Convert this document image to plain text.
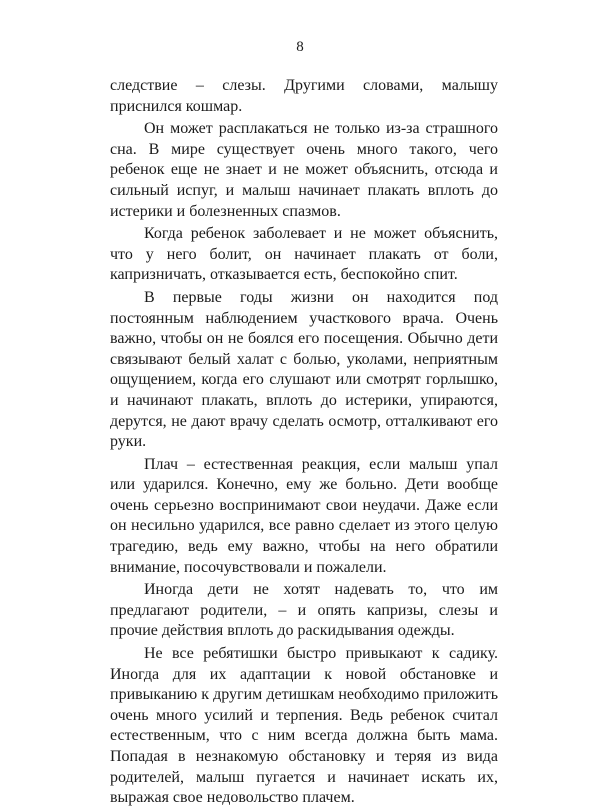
8

следствие – слезы. Другими словами, малышу приснился кошмар.

Он может расплакаться не только из-за страшного сна. В мире существует очень много такого, чего ребенок еще не знает и не может объяснить, отсюда и сильный испуг, и малыш начинает плакать вплоть до истерики и болезненных спазмов.

Когда ребенок заболевает и не может объяснить, что у него болит, он начинает плакать от боли, капризничать, отказывается есть, беспокойно спит.

В первые годы жизни он находится под постоянным наблюдением участкового врача. Очень важно, чтобы он не боялся его посещения. Обычно дети связывают белый халат с болью, уколами, неприятным ощущением, когда его слушают или смотрят горлышко, и начинают плакать, вплоть до истерики, упираются, дерутся, не дают врачу сделать осмотр, отталкивают его руки.

Плач – естественная реакция, если малыш упал или ударился. Конечно, ему же больно. Дети вообще очень серьезно воспринимают свои неудачи. Даже если он несильно ударился, все равно сделает из этого целую трагедию, ведь ему важно, чтобы на него обратили внимание, посочувствовали и пожалели.

Иногда дети не хотят надевать то, что им предлагают родители, – и опять капризы, слезы и прочие действия вплоть до раскидывания одежды.

Не все ребятишки быстро привыкают к садику. Иногда для их адаптации к новой обстановке и привыканию к другим детишкам необходимо приложить очень много усилий и терпения. Ведь ребенок считал естественным, что с ним всегда должна быть мама. Попадая в незнакомую обстановку и теряя из вида родителей, малыш пугается и начинает искать их, выражая свое недовольство плачем.
